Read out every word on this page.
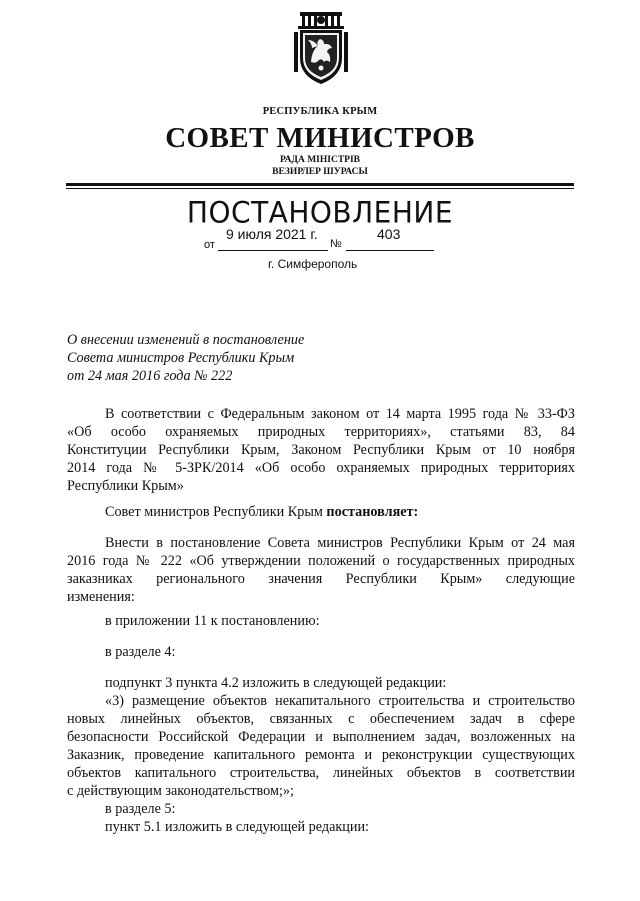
РЕСПУБЛИКА КРЫМ
СОВЕТ МИНИСТРОВ
РАДА МІНІСТРІВ
ВЕЗИРЛЕР ШУРАСЫ
ПОСТАНОВЛЕНИЕ
от
9 июля 2021 г.
№
403
г. Симферополь
О внесении изменений в постановление
Совета министров Республики Крым
от 24 мая 2016 года № 222
В соответствии с Федеральным законом от 14 марта 1995 года № 33-ФЗ
«Об особо охраняемых природных территориях», статьями 83, 84
Конституции Республики Крым, Законом Республики Крым от 10 ноября
2014 года № 5-ЗРК/2014 «Об особо охраняемых природных территориях
Республики Крым»
Совет министров Республики Крым постановляет:
Внести в постановление Совета министров Республики Крым от 24 мая
2016 года № 222 «Об утверждении положений о государственных природных
заказниках регионального значения Республики Крым» следующие
изменения:
в приложении 11 к постановлению:
в разделе 4:
подпункт 3 пункта 4.2 изложить в следующей редакции:
«3) размещение объектов некапитального строительства и строительство
новых линейных объектов, связанных с обеспечением задач в сфере
безопасности Российской Федерации и выполнением задач, возложенных на
Заказник, проведение капитального ремонта и реконструкции существующих
объектов капитального строительства, линейных объектов в соответствии
с действующим законодательством;»;
в разделе 5:
пункт 5.1 изложить в следующей редакции:
